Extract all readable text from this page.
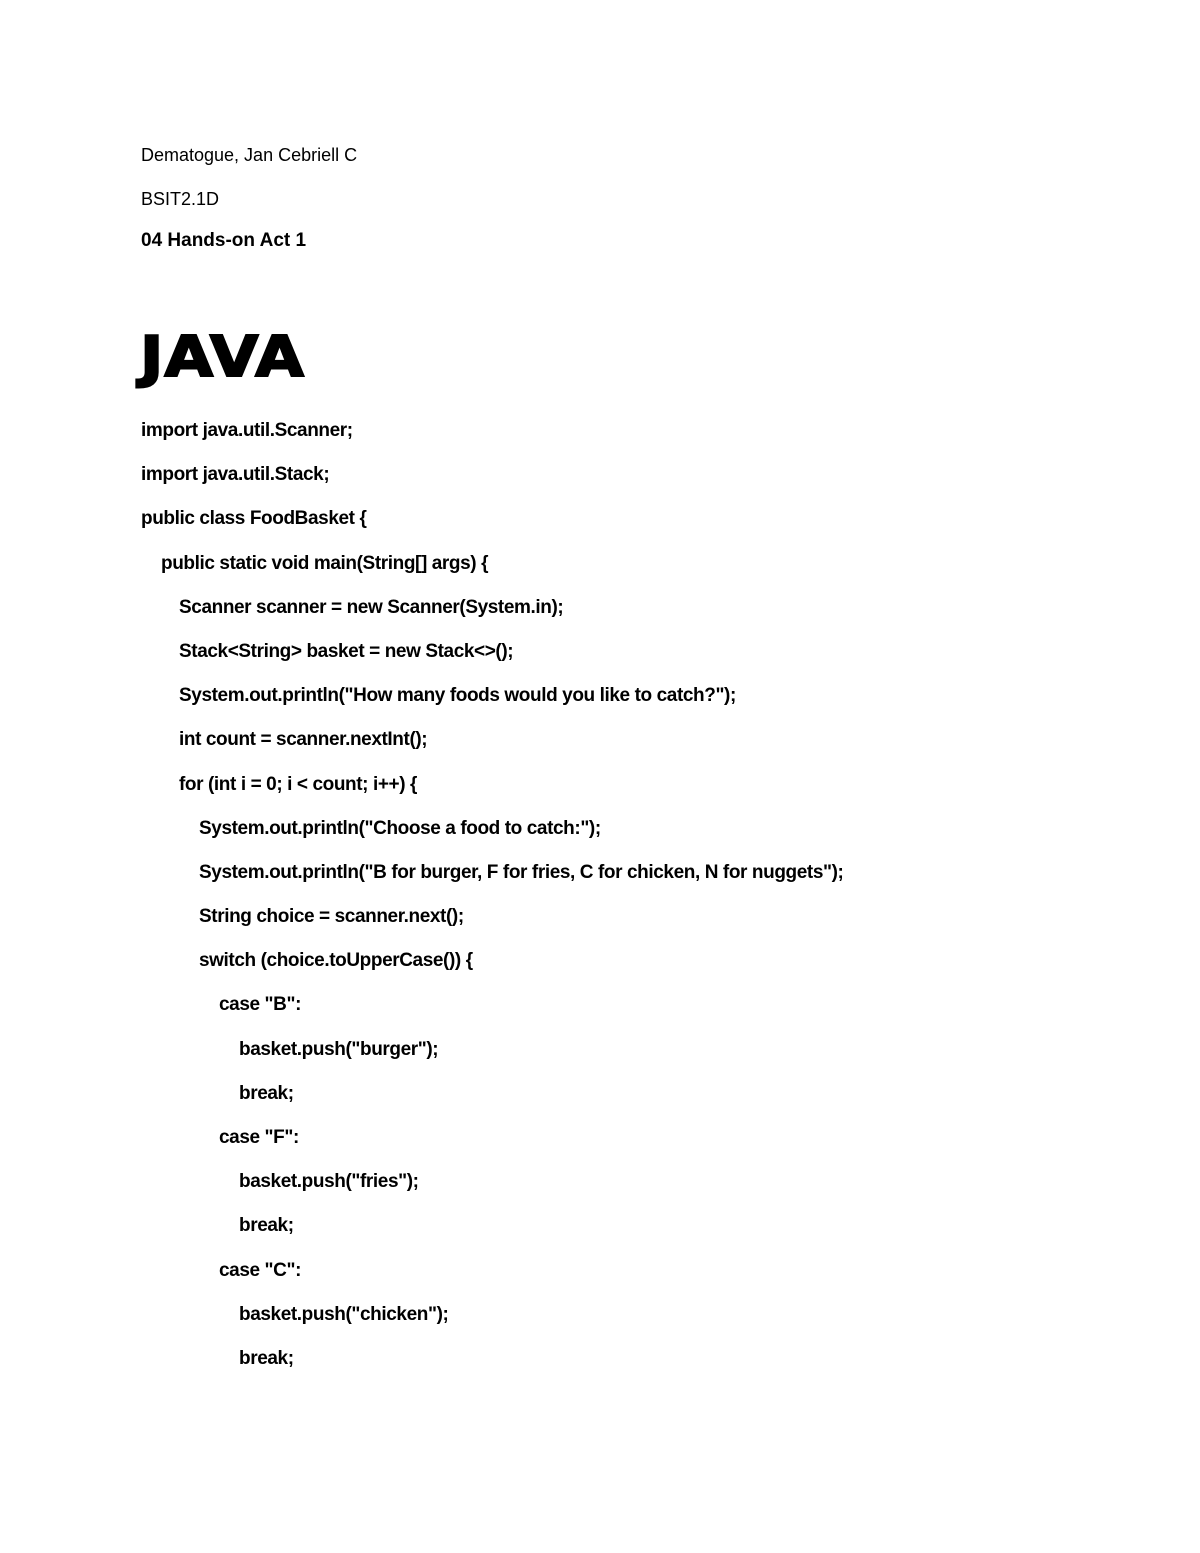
Dematogue, Jan Cebriell C
BSIT2.1D
04 Hands-on Act 1
JAVA
import java.util.Scanner;
import java.util.Stack;
public class FoodBasket {
public static void main(String[] args) {
Scanner scanner = new Scanner(System.in);
Stack<String> basket = new Stack<>();
System.out.println("How many foods would you like to catch?");
int count = scanner.nextInt();
for (int i = 0; i < count; i++) {
System.out.println("Choose a food to catch:");
System.out.println("B for burger, F for fries, C for chicken, N for nuggets");
String choice = scanner.next();
switch (choice.toUpperCase()) {
case "B":
basket.push("burger");
break;
case "F":
basket.push("fries");
break;
case "C":
basket.push("chicken");
break;
